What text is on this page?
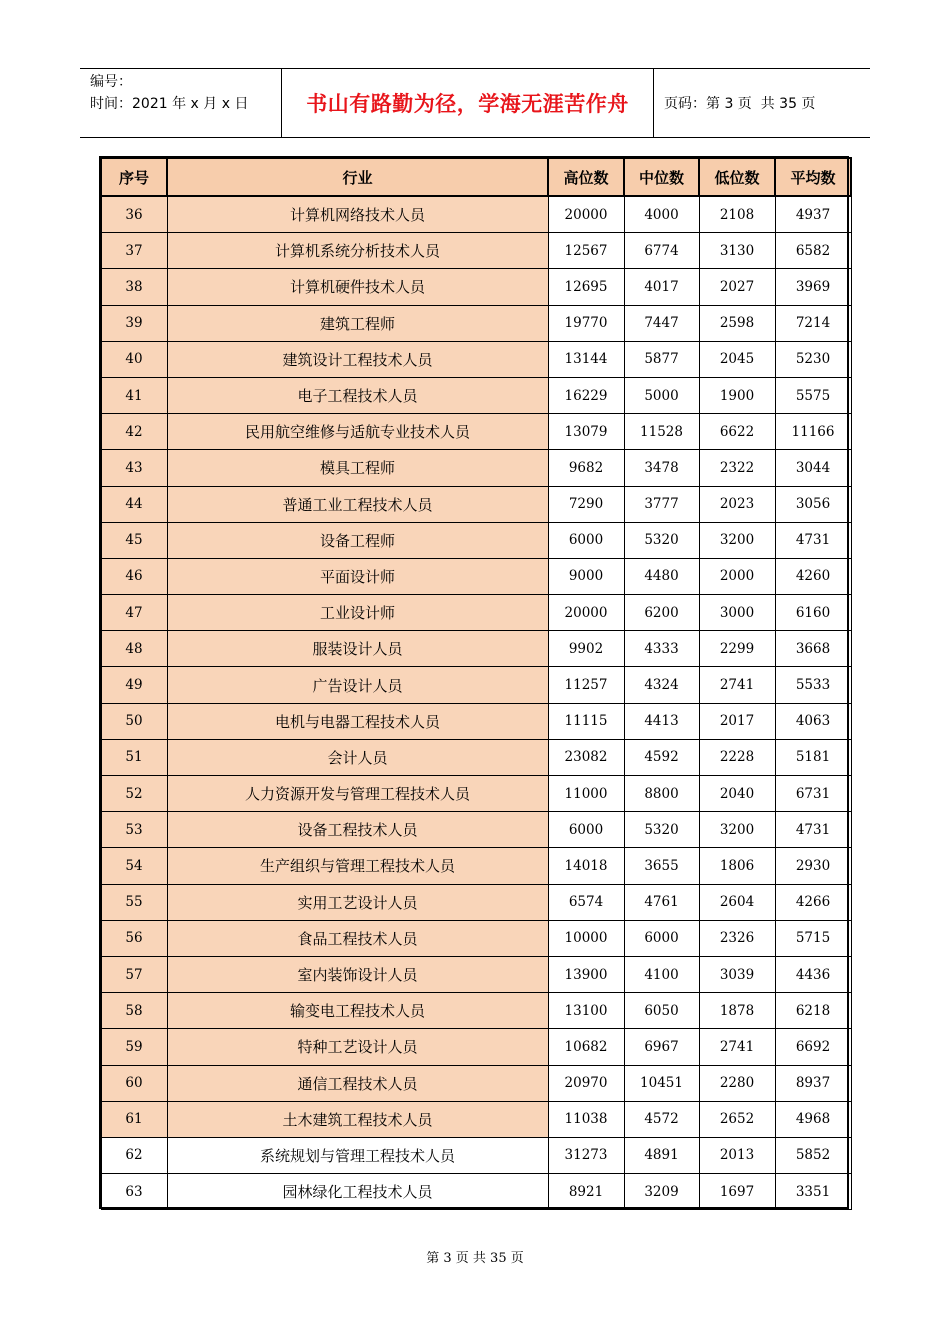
编号：
时间：2021 年 x 月 x 日	书山有路勤为径，学海无涯苦作舟	页码：第 3 页  共 35 页
序号	行业	高位数	中位数	低位数	平均数
36	计算机网络技术人员	20000	4000	2108	4937
37	计算机系统分析技术人员	12567	6774	3130	6582
38	计算机硬件技术人员	12695	4017	2027	3969
39	建筑工程师	19770	7447	2598	7214
40	建筑设计工程技术人员	13144	5877	2045	5230
41	电子工程技术人员	16229	5000	1900	5575
42	民用航空维修与适航专业技术人员	13079	11528	6622	11166
43	模具工程师	9682	3478	2322	3044
44	普通工业工程技术人员	7290	3777	2023	3056
45	设备工程师	6000	5320	3200	4731
46	平面设计师	9000	4480	2000	4260
47	工业设计师	20000	6200	3000	6160
48	服装设计人员	9902	4333	2299	3668
49	广告设计人员	11257	4324	2741	5533
50	电机与电器工程技术人员	11115	4413	2017	4063
51	会计人员	23082	4592	2228	5181
52	人力资源开发与管理工程技术人员	11000	8800	2040	6731
53	设备工程技术人员	6000	5320	3200	4731
54	生产组织与管理工程技术人员	14018	3655	1806	2930
55	实用工艺设计人员	6574	4761	2604	4266
56	食品工程技术人员	10000	6000	2326	5715
57	室内装饰设计人员	13900	4100	3039	4436
58	输变电工程技术人员	13100	6050	1878	6218
59	特种工艺设计人员	10682	6967	2741	6692
60	通信工程技术人员	20970	10451	2280	8937
61	土木建筑工程技术人员	11038	4572	2652	4968
62	系统规划与管理工程技术人员	31273	4891	2013	5852
63	园林绿化工程技术人员	8921	3209	1697	3351
第 3 页 共 35 页
